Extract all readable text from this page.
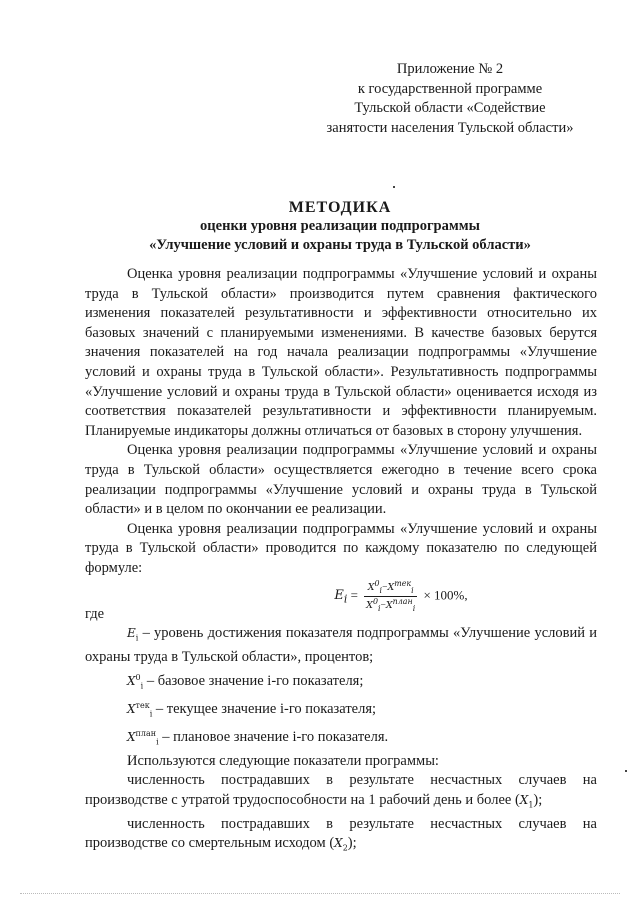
Приложение № 2
к государственной программе
Тульской области «Содействие
занятости населения Тульской области»
МЕТОДИКА
оценки уровня реализации подпрограммы
«Улучшение условий и охраны труда в Тульской области»

Оценка уровня реализации подпрограммы «Улучшение условий и охраны труда в Тульской области» производится путем сравнения фактического изменения показателей результативности и эффективности относительно их базовых значений с планируемыми изменениями. В качестве базовых берутся значения показателей на год начала реализации подпрограммы «Улучшение условий и охраны труда в Тульской области». Результативность подпрограммы «Улучшение условий и охраны труда в Тульской области» оценивается исходя из соответствия показателей результативности и эффективности планируемым. Планируемые индикаторы должны отличаться от базовых в сторону улучшения.

Оценка уровня реализации подпрограммы «Улучшение условий и охраны труда в Тульской области» осуществляется ежегодно в течение всего срока реализации подпрограммы «Улучшение условий и охраны труда в Тульской области» и в целом по окончании ее реализации.

Оценка уровня реализации подпрограммы «Улучшение условий и охраны труда в Тульской области» проводится по каждому показателю по следующей формуле:

$E_i = \frac{X^0_i-X^{тек}_i}{X^0_i-X^{план}_i} \times 100\%$,

где

$E_i$ – уровень достижения показателя подпрограммы «Улучшение условий и охраны труда в Тульской области», процентов;

$X^0_i$ – базовое значение i-го показателя;

$X^{тек}_i$ – текущее значение i-го показателя;

$X^{план}_i$ – плановое значение i-го показателя.

Используются следующие показатели программы:

численность пострадавших в результате несчастных случаев на производстве с утратой трудоспособности на 1 рабочий день и более $(X_1)$;

численность пострадавших в результате несчастных случаев на производстве со смертельным исходом $(X_2)$;
